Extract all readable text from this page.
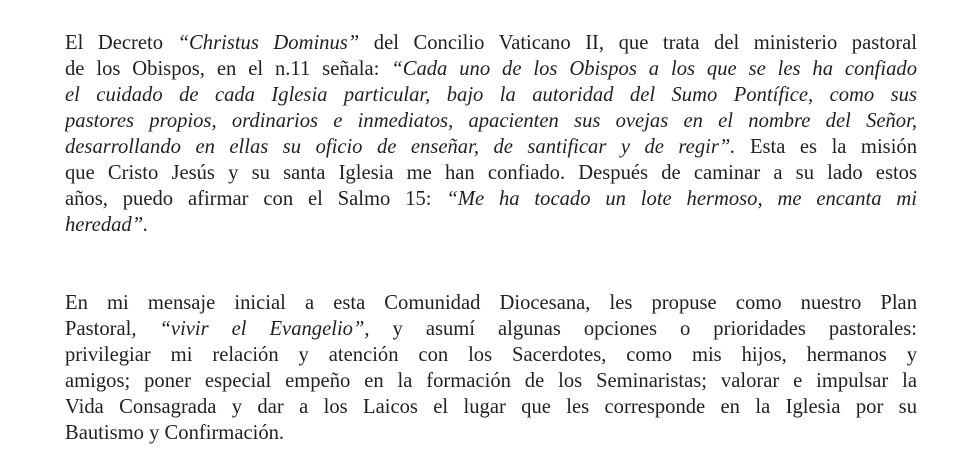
El Decreto “Christus Dominus” del Concilio Vaticano II, que trata del ministerio pastoral
de los Obispos, en el n.11 señala: “Cada uno de los Obispos a los que se les ha confiado
el cuidado de cada Iglesia particular, bajo la autoridad del Sumo Pontífice, como sus
pastores propios, ordinarios e inmediatos, apacienten sus ovejas en el nombre del Señor,
desarrollando en ellas su oficio de enseñar, de santificar y de regir”. Esta es la misión
que Cristo Jesús y su santa Iglesia me han confiado. Después de caminar a su lado estos
años, puedo afirmar con el Salmo 15: “Me ha tocado un lote hermoso, me encanta mi
heredad”.
En mi mensaje inicial a esta Comunidad Diocesana, les propuse como nuestro Plan
Pastoral, “vivir el Evangelio”, y asumí algunas opciones o prioridades pastorales:
privilegiar mi relación y atención con los Sacerdotes, como mis hijos, hermanos y
amigos; poner especial empeño en la formación de los Seminaristas; valorar e impulsar la
Vida Consagrada y dar a los Laicos el lugar que les corresponde en la Iglesia por su
Bautismo y Confirmación.
